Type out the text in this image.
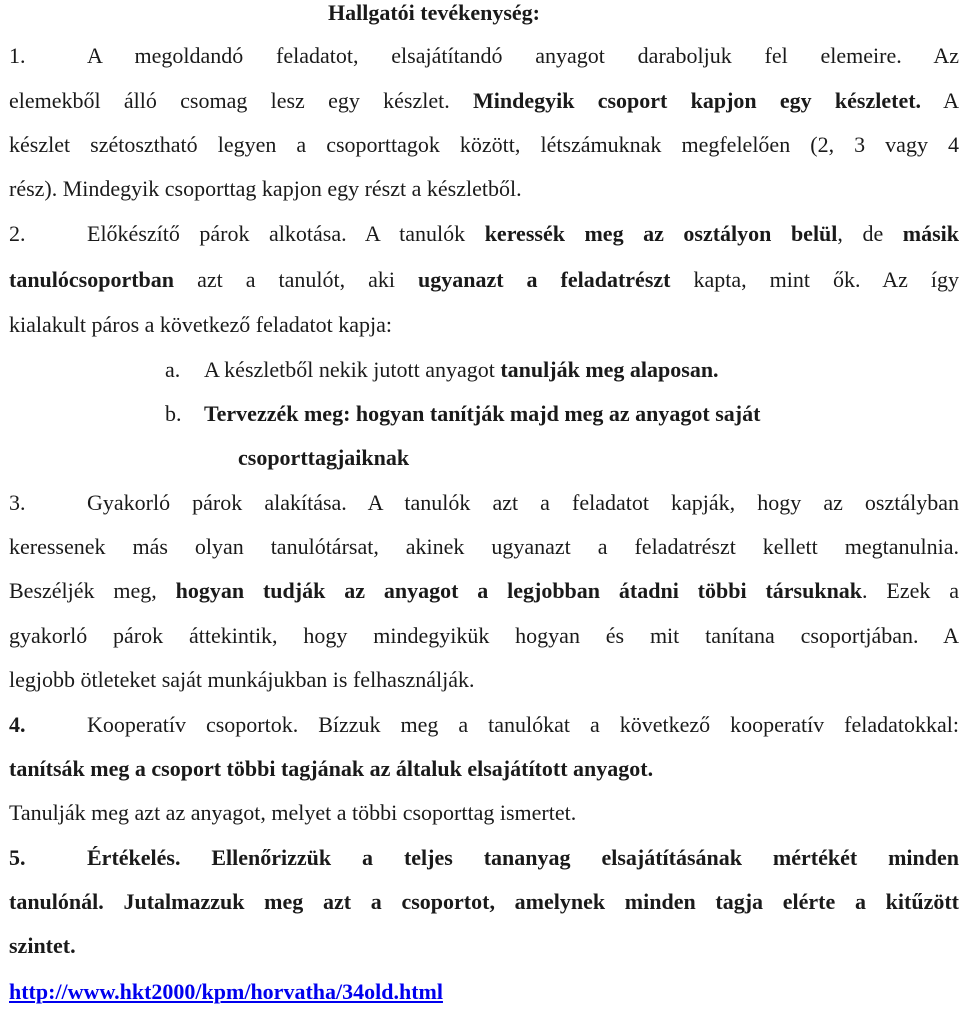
Hallgatói tevékenység:
1.	A megoldandó feladatot, elsajátítandó anyagot daraboljuk fel elemeire. Az
elemekből álló csomag lesz egy készlet. Mindegyik csoport kapjon egy készletet. A
készlet szétosztható legyen a csoporttagok között, létszámuknak megfelelően (2, 3 vagy 4
rész). Mindegyik csoporttag kapjon egy részt a készletből.
2.	Előkészítő párok alkotása. A tanulók keressék meg az osztályon belül, de másik
tanulócsoportban azt a tanulót, aki ugyanazt a feladatrészt kapta, mint ők. Az így
kialakult páros a következő feladatot kapja:
a. A készletből nekik jutott anyagot tanulják meg alaposan.
b. Tervezzék meg: hogyan tanítják majd meg az anyagot saját
csoporttagjaiknak
3.	Gyakorló párok alakítása. A tanulók azt a feladatot kapják, hogy az osztályban
keressenek más olyan tanulótársat, akinek ugyanazt a feladatrészt kellett megtanulnia.
Beszéljék meg, hogyan tudják az anyagot a legjobban átadni többi társuknak. Ezek a
gyakorló párok áttekintik, hogy mindegyikük hogyan és mit tanítana csoportjában. A
legjobb ötleteket saját munkájukban is felhasználják.
4.	Kooperatív csoportok. Bízzuk meg a tanulókat a következő kooperatív feladatokkal:
tanítsák meg a csoport többi tagjának az általuk elsajátított anyagot.
Tanulják meg azt az anyagot, melyet a többi csoporttag ismertet.
5.	Értékelés. Ellenőrizzük a teljes tananyag elsajátításának mértékét minden
tanulónál. Jutalmazzuk meg azt a csoportot, amelynek minden tagja elérte a kitűzött
szintet.
http://www.hkt2000/kpm/horvatha/34old.html
